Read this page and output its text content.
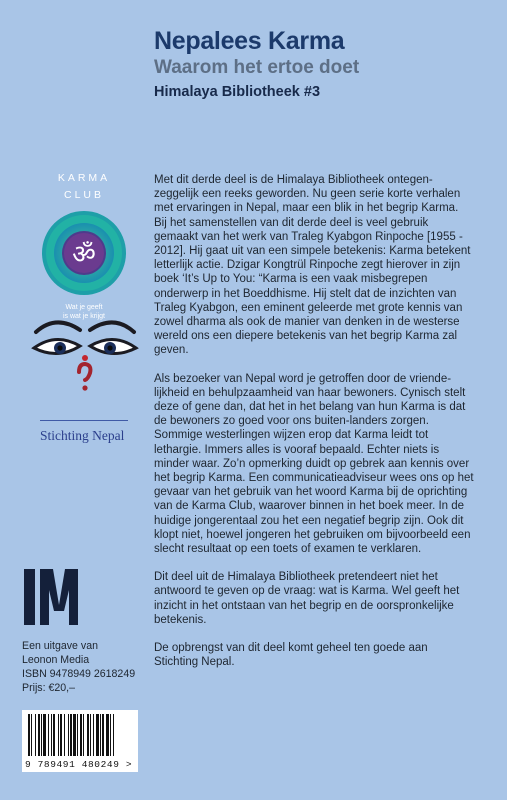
Nepalees Karma
Waarom het ertoe doet
Himalaya Bibliotheek #3
KARMA
CLUB
ॐ
Wat je geeft
is wat je krijgt
Stichting Nepal

Met dit derde deel is de Himalaya Bibliotheek ontegen-zeggelijk een reeks geworden. Nu geen serie korte verhalen met ervaringen in Nepal, maar een blik in het begrip Karma. Bij het samenstellen van dit derde deel is veel gebruik gemaakt van het werk van Traleg Kyabgon Rinpoche [1955 - 2012]. Hij gaat uit van een simpele betekenis: Karma betekent letterlijk actie. Dzigar Kongtrül Rinpoche zegt hierover in zijn boek ‘It’s Up to You: “Karma is een vaak misbegrepen onderwerp in het Boeddhisme. Hij stelt dat de inzichten van Traleg Kyabgon, een eminent geleerde met grote kennis van zowel dharma als ook de manier van denken in de westerse wereld ons een diepere betekenis van het begrip Karma zal geven.

Als bezoeker van Nepal word je getroffen door de vriende-lijkheid en behulpzaamheid van haar bewoners. Cynisch stelt deze of gene dan, dat het in het belang van hun Karma is dat de bewoners zo goed voor ons buiten-landers zorgen. Sommige westerlingen wijzen erop dat Karma leidt tot lethargie. Immers alles is vooraf bepaald. Echter niets is minder waar. Zo’n opmerking duidt op gebrek aan kennis over het begrip Karma. Een communicatieadviseur wees ons op het gevaar van het gebruik van het woord Karma bij de oprichting van de Karma Club, waarover binnen in het boek meer. In de huidige jongerentaal zou het een negatief begrip zijn. Ook dit klopt niet, hoewel jongeren het gebruiken om bijvoorbeeld een slecht resultaat op een toets of examen te verklaren.

Dit deel uit de Himalaya Bibliotheek pretendeert niet het antwoord te geven op de vraag: wat is Karma. Wel geeft het inzicht in het ontstaan van het begrip en de oorspronkelijke betekenis.

De opbrengst van dit deel komt geheel ten goede aan Stichting Nepal.

Een uitgave van
Leonon Media
ISBN 9478949 2618249
Prijs: €20,–
9 789491 480249 >
